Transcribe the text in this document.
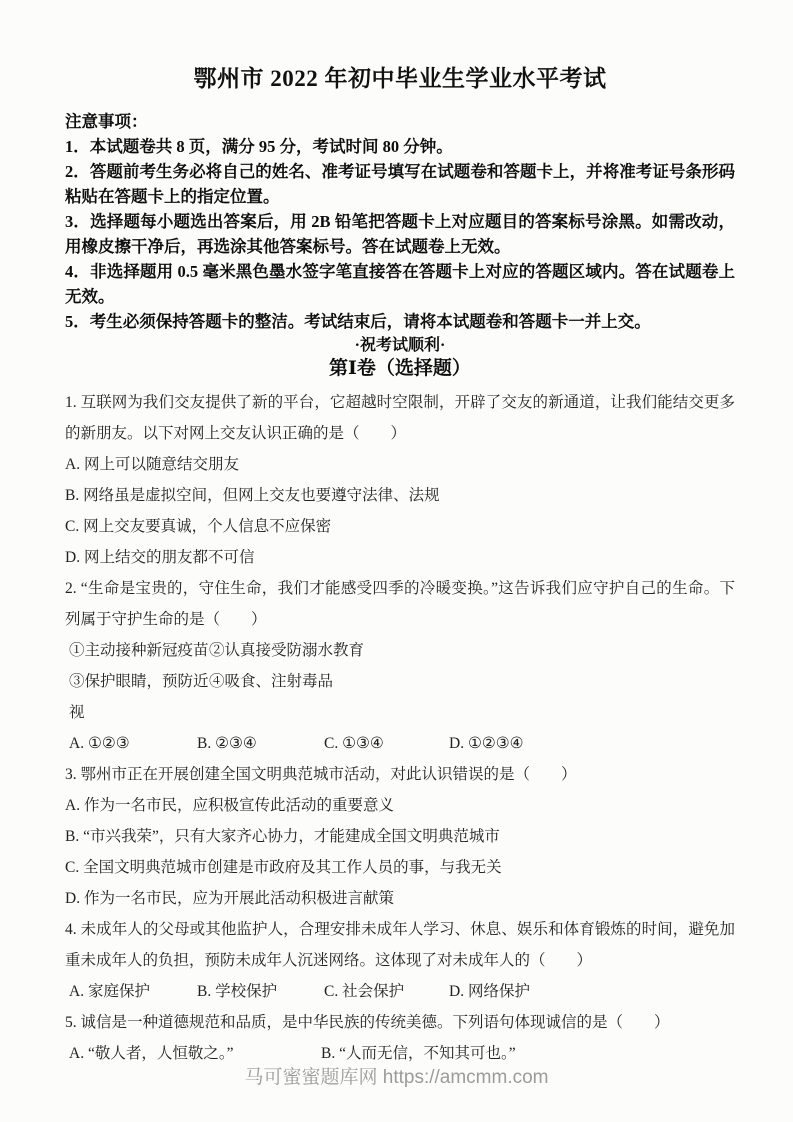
鄂州市 2022 年初中毕业生学业水平考试

注意事项：

1．本试题卷共 8 页，满分 95 分，考试时间 80 分钟。

2．答题前考生务必将自己的姓名、准考证号填写在试题卷和答题卡上，并将准考证号条形码粘贴在答题卡上的指定位置。

3．选择题每小题选出答案后，用 2B 铅笔把答题卡上对应题目的答案标号涂黑。如需改动，用橡皮擦干净后，再选涂其他答案标号。答在试题卷上无效。

4．非选择题用 0.5 毫米黑色墨水签字笔直接答在答题卡上对应的答题区域内。答在试题卷上无效。

5．考生必须保持答题卡的整洁。考试结束后，请将本试题卷和答题卡一并上交。

·祝考试顺利·
第Ⅰ卷（选择题）

1. 互联网为我们交友提供了新的平台，它超越时空限制，开辟了交友的新通道，让我们能结交更多的新朋友。以下对网上交友认识正确的是（　　）

A. 网上可以随意结交朋友

B. 网络虽是虚拟空间，但网上交友也要遵守法律、法规

C. 网上交友要真诚，个人信息不应保密

D. 网上结交的朋友都不可信

2. “生命是宝贵的，守住生命，我们才能感受四季的冷暖变换。”这告诉我们应守护自己的生命。下列属于守护生命的是（　　）

①主动接种新冠疫苗 ②认真接受防溺水教育
③保护眼睛，预防近视
④吸食、注射毒品
A. ①②③	B. ②③④	C. ①③④	D. ①②③④

3. 鄂州市正在开展创建全国文明典范城市活动，对此认识错误的是（　　）

A. 作为一名市民，应积极宣传此活动的重要意义

B. “市兴我荣”，只有大家齐心协力，才能建成全国文明典范城市

C. 全国文明典范城市创建是市政府及其工作人员的事，与我无关

D. 作为一名市民，应为开展此活动积极进言献策

4. 未成年人的父母或其他监护人，合理安排未成年人学习、休息、娱乐和体育锻炼的时间，避免加重未成年人的负担，预防未成年人沉迷网络。这体现了对未成年人的（　　）

A. 家庭保护	B. 学校保护	C. 社会保护	D. 网络保护

5. 诚信是一种道德规范和品质，是中华民族的传统美德。下列语句体现诚信的是（　　）

A. “敬人者，人恒敬之。”	B. “人而无信，不知其可也。”
马可蜜蜜题库网 https://amcmm.com
